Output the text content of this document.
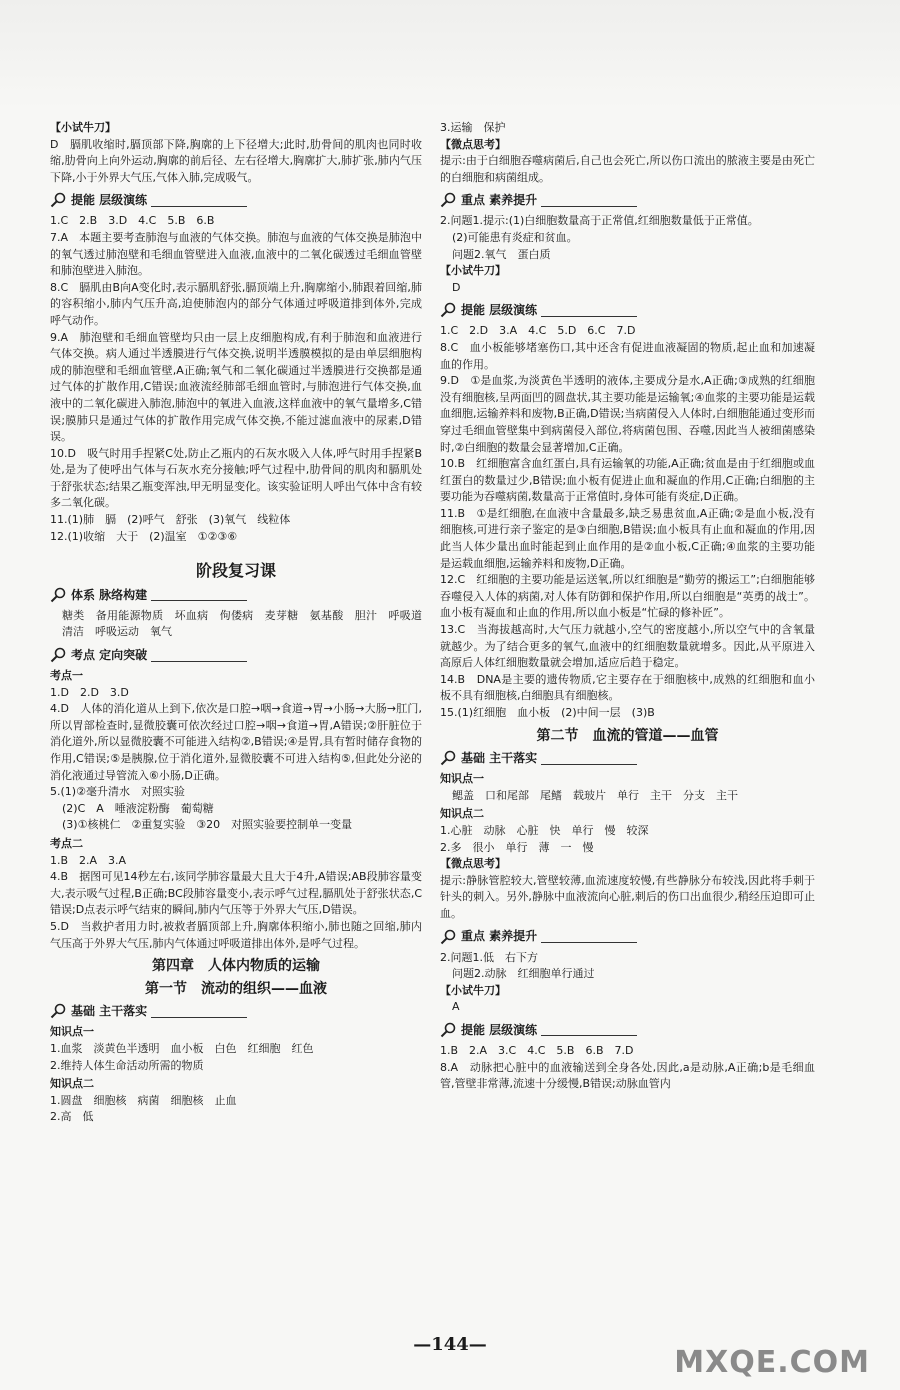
【小试牛刀】

D　膈肌收缩时,膈顶部下降,胸廓的上下径增大;此时,肋骨间的肌肉也同时收缩,肋骨向上向外运动,胸廓的前后径、左右径增大,胸廓扩大,肺扩张,肺内气压下降,小于外界大气压,气体入肺,完成吸气。

提能 层级演练

1.C　2.B　3.D　4.C　5.B　6.B

7.A　本题主要考查肺泡与血液的气体交换。肺泡与血液的气体交换是肺泡中的氧气透过肺泡壁和毛细血管壁进入血液,血液中的二氧化碳透过毛细血管壁和肺泡壁进入肺泡。

8.C　膈肌由B向A变化时,表示膈肌舒张,膈顶端上升,胸廓缩小,肺跟着回缩,肺的容积缩小,肺内气压升高,迫使肺泡内的部分气体通过呼吸道排到体外,完成呼气动作。

9.A　肺泡壁和毛细血管壁均只由一层上皮细胞构成,有利于肺泡和血液进行气体交换。病人通过半透膜进行气体交换,说明半透膜模拟的是由单层细胞构成的肺泡壁和毛细血管壁,A正确;氧气和二氧化碳通过半透膜进行交换都是通过气体的扩散作用,C错误;血液流经肺部毛细血管时,与肺泡进行气体交换,血液中的二氧化碳进入肺泡,肺泡中的氧进入血液,这样血液中的氧气量增多,C错误;膜肺只是通过气体的扩散作用完成气体交换,不能过滤血液中的尿素,D错误。

10.D　吸气时用手捏紧C处,防止乙瓶内的石灰水吸入人体,呼气时用手捏紧B处,是为了使呼出气体与石灰水充分接触;呼气过程中,肋骨间的肌肉和膈肌处于舒张状态;结果乙瓶变浑浊,甲无明显变化。该实验证明人呼出气体中含有较多二氧化碳。

11.(1)肺　膈　(2)呼气　舒张　(3)氧气　线粒体

12.(1)收缩　大于　(2)温室　①②③⑥

阶段复习课

体系 脉络构建

糖类　备用能源物质　坏血病　佝偻病　麦芽糖　氨基酸　胆汁　呼吸道　清洁　呼吸运动　氧气

考点 定向突破

考点一

1.D　2.D　3.D

4.D　人体的消化道从上到下,依次是口腔→咽→食道→胃→小肠→大肠→肛门,所以胃部检查时,显微胶囊可依次经过口腔→咽→食道→胃,A错误;②肝脏位于消化道外,所以显微胶囊不可能进入结构②,B错误;④是胃,具有暂时储存食物的作用,C错误;⑤是胰腺,位于消化道外,显微胶囊不可进入结构⑤,但此处分泌的消化液通过导管流入⑥小肠,D正确。

5.(1)②毫升清水　对照实验

(2)C　A　唾液淀粉酶　葡萄糖

(3)①核桃仁　②重复实验　③20　对照实验要控制单一变量

考点二

1.B　2.A　3.A

4.B　据图可见14秒左右,该同学肺容量最大且大于4升,A错误;AB段肺容量变大,表示吸气过程,B正确;BC段肺容量变小,表示呼气过程,膈肌处于舒张状态,C错误;D点表示呼气结束的瞬间,肺内气压等于外界大气压,D错误。

5.D　当救护者用力时,被救者膈顶部上升,胸廓体积缩小,肺也随之回缩,肺内气压高于外界大气压,肺内气体通过呼吸道排出体外,是呼气过程。

第四章　人体内物质的运输

第一节　流动的组织——血液

基础 主干落实

知识点一

1.血浆　淡黄色半透明　血小板　白色　红细胞　红色

2.维持人体生命活动所需的物质

知识点二

1.圆盘　细胞核　病菌　细胞核　止血

2.高　低

3.运输　保护

【微点思考】

提示:由于白细胞吞噬病菌后,自己也会死亡,所以伤口流出的脓液主要是由死亡的白细胞和病菌组成。

重点 素养提升

2.问题1.提示:(1)白细胞数量高于正常值,红细胞数量低于正常值。

(2)可能患有炎症和贫血。

问题2.氧气　蛋白质

【小试牛刀】

D

提能 层级演练

1.C　2.D　3.A　4.C　5.D　6.C　7.D

8.C　血小板能够堵塞伤口,其中还含有促进血液凝固的物质,起止血和加速凝血的作用。

9.D　①是血浆,为淡黄色半透明的液体,主要成分是水,A正确;③成熟的红细胞没有细胞核,呈两面凹的圆盘状,其主要功能是运输氧;④血浆的主要功能是运载血细胞,运输养料和废物,B正确,D错误;当病菌侵入人体时,白细胞能通过变形而穿过毛细血管壁集中到病菌侵入部位,将病菌包围、吞噬,因此当人被细菌感染时,②白细胞的数量会显著增加,C正确。

10.B　红细胞富含血红蛋白,具有运输氧的功能,A正确;贫血是由于红细胞或血红蛋白的数量过少,B错误;血小板有促进止血和凝血的作用,C正确;白细胞的主要功能为吞噬病菌,数量高于正常值时,身体可能有炎症,D正确。

11.B　①是红细胞,在血液中含量最多,缺乏易患贫血,A正确;②是血小板,没有细胞核,可进行亲子鉴定的是③白细胞,B错误;血小板具有止血和凝血的作用,因此当人体少量出血时能起到止血作用的是②血小板,C正确;④血浆的主要功能是运载血细胞,运输养料和废物,D正确。

12.C　红细胞的主要功能是运送氧,所以红细胞是“勤劳的搬运工”;白细胞能够吞噬侵入人体的病菌,对人体有防御和保护作用,所以白细胞是“英勇的战士”。血小板有凝血和止血的作用,所以血小板是“忙碌的修补匠”。

13.C　当海拔越高时,大气压力就越小,空气的密度越小,所以空气中的含氧量就越少。为了结合更多的氧气,血液中的红细胞数量就增多。因此,从平原进入高原后人体红细胞数量就会增加,适应后趋于稳定。

14.B　DNA是主要的遗传物质,它主要存在于细胞核中,成熟的红细胞和血小板不具有细胞核,白细胞具有细胞核。

15.(1)红细胞　血小板　(2)中间一层　(3)B

第二节　血流的管道——血管

基础 主干落实

知识点一

鳃盖　口和尾部　尾鳍　载玻片　单行　主干　分支　主干

知识点二

1.心脏　动脉　心脏　快　单行　慢　较深

2.多　很小　单行　薄　一　慢

【微点思考】

提示:静脉管腔较大,管壁较薄,血流速度较慢,有些静脉分布较浅,因此将手刺于针头的刺入。另外,静脉中血液流向心脏,刺后的伤口出血很少,稍经压迫即可止血。

重点 素养提升

2.问题1.低　右下方

问题2.动脉　红细胞单行通过

【小试牛刀】

A

提能 层级演练

1.B　2.A　3.C　4.C　5.B　6.B　7.D

8.A　动脉把心脏中的血液输送到全身各处,因此,a是动脉,A正确;b是毛细血管,管壁非常薄,流速十分缓慢,B错误;动脉血管内

—144—
MXQE.COM
